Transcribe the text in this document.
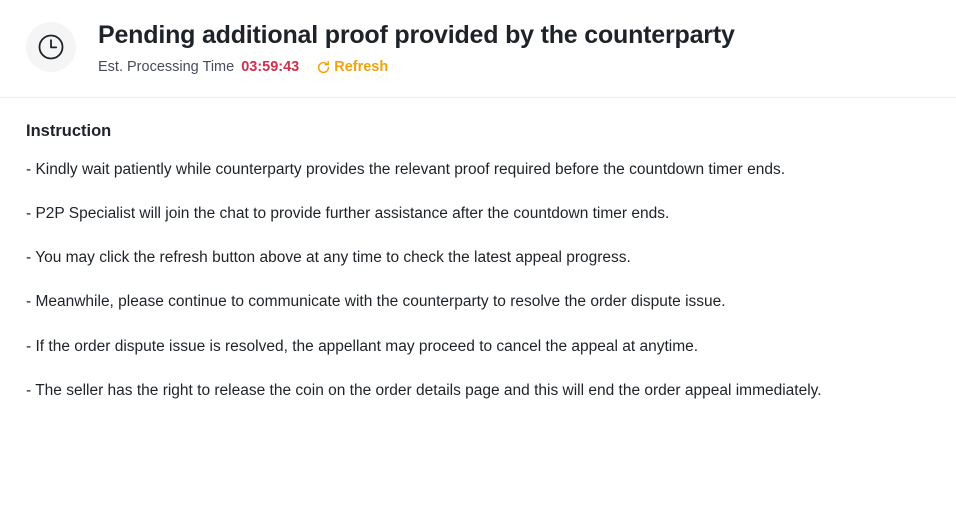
Pending additional proof provided by the counterparty
Est. Processing Time 03:59:43 Refresh
Instruction
- Kindly wait patiently while counterparty provides the relevant proof required before the countdown timer ends.
- P2P Specialist will join the chat to provide further assistance after the countdown timer ends.
- You may click the refresh button above at any time to check the latest appeal progress.
- Meanwhile, please continue to communicate with the counterparty to resolve the order dispute issue.
- If the order dispute issue is resolved, the appellant may proceed to cancel the appeal at anytime.
- The seller has the right to release the coin on the order details page and this will end the order appeal immediately.
